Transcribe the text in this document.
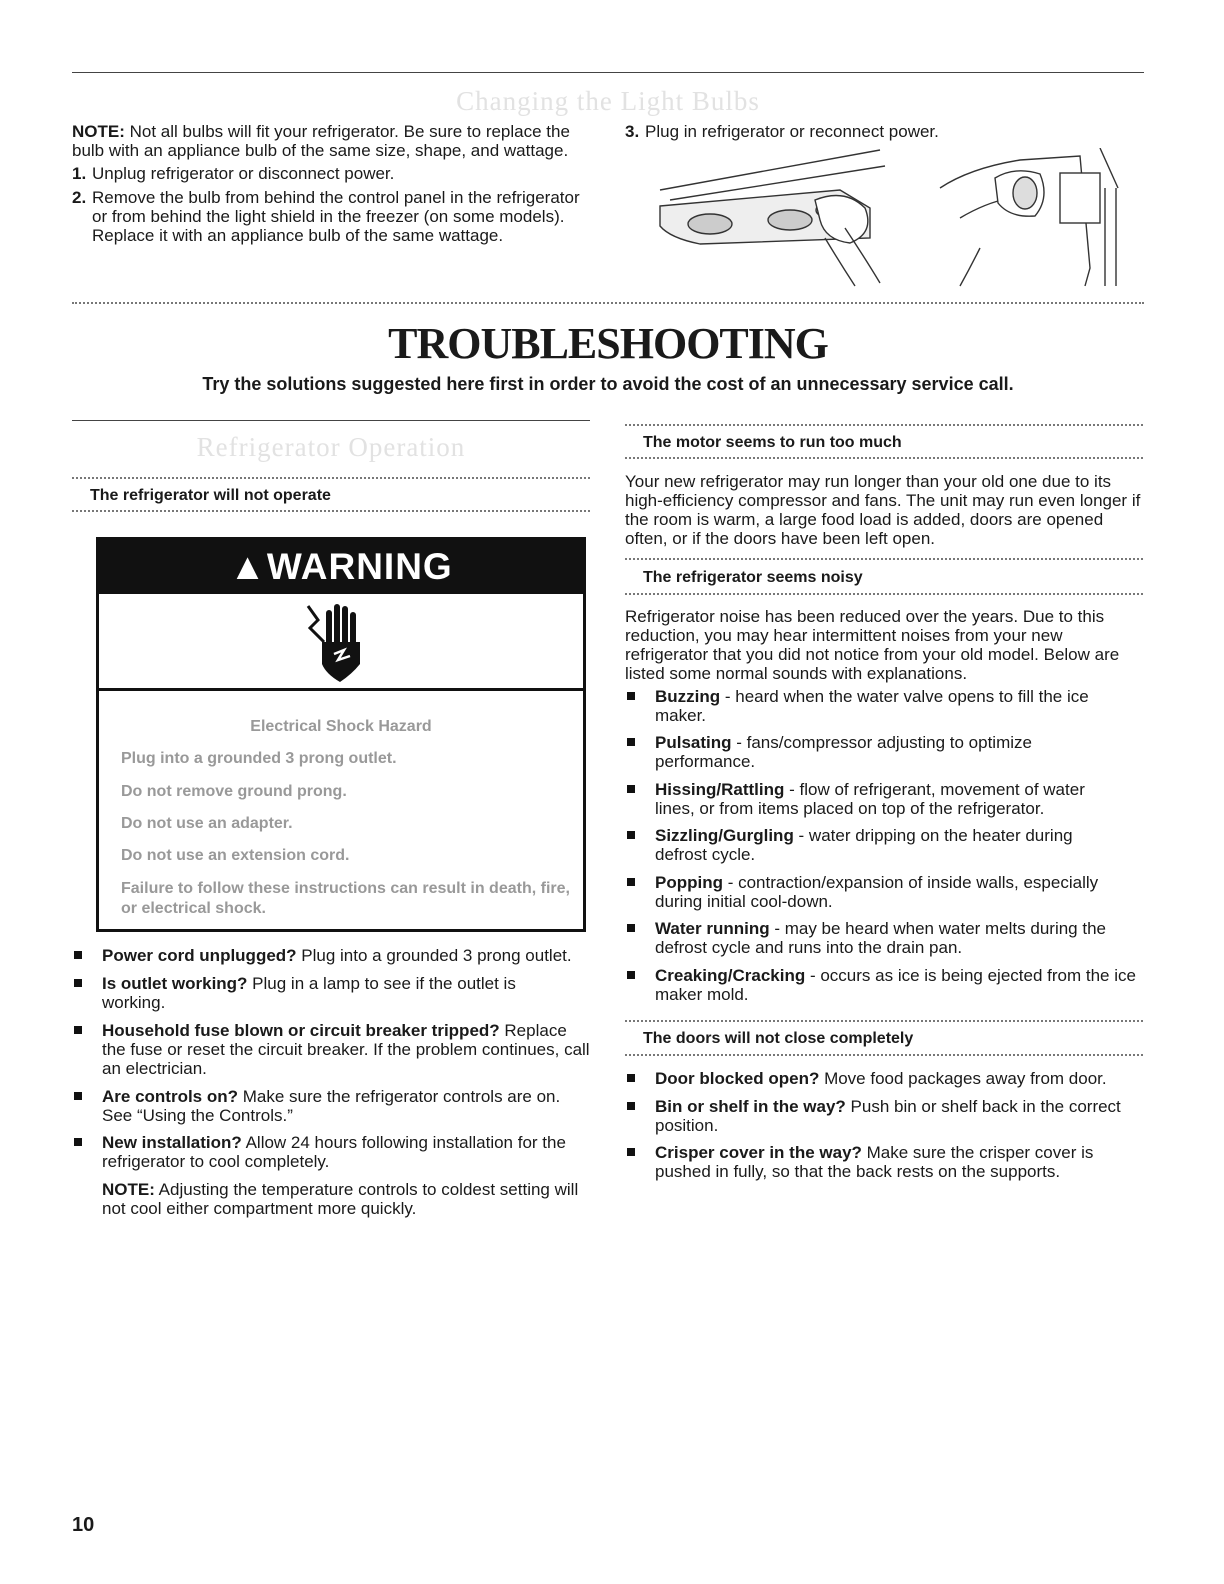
Changing the Light Bulbs
NOTE: Not all bulbs will fit your refrigerator. Be sure to replace the bulb with an appliance bulb of the same size, shape, and wattage.
1. Unplug refrigerator or disconnect power.
2. Remove the bulb from behind the control panel in the refrigerator or from behind the light shield in the freezer (on some models). Replace it with an appliance bulb of the same wattage.
3. Plug in refrigerator or reconnect power.
TROUBLESHOOTING
Try the solutions suggested here first in order to avoid the cost of an unnecessary service call.
Refrigerator Operation
The refrigerator will not operate
▲WARNING
Electrical Shock Hazard
Plug into a grounded 3 prong outlet.
Do not remove ground prong.
Do not use an adapter.
Do not use an extension cord.
Failure to follow these instructions can result in death, fire, or electrical shock.
Power cord unplugged? Plug into a grounded 3 prong outlet.
Is outlet working? Plug in a lamp to see if the outlet is working.
Household fuse blown or circuit breaker tripped? Replace the fuse or reset the circuit breaker. If the problem continues, call an electrician.
Are controls on? Make sure the refrigerator controls are on. See “Using the Controls.”
New installation? Allow 24 hours following installation for the refrigerator to cool completely.
NOTE: Adjusting the temperature controls to coldest setting will not cool either compartment more quickly.
The motor seems to run too much
Your new refrigerator may run longer than your old one due to its high-efficiency compressor and fans. The unit may run even longer if the room is warm, a large food load is added, doors are opened often, or if the doors have been left open.
The refrigerator seems noisy
Refrigerator noise has been reduced over the years. Due to this reduction, you may hear intermittent noises from your new refrigerator that you did not notice from your old model. Below are listed some normal sounds with explanations.
Buzzing - heard when the water valve opens to fill the ice maker.
Pulsating - fans/compressor adjusting to optimize performance.
Hissing/Rattling - flow of refrigerant, movement of water lines, or from items placed on top of the refrigerator.
Sizzling/Gurgling - water dripping on the heater during defrost cycle.
Popping - contraction/expansion of inside walls, especially during initial cool-down.
Water running - may be heard when water melts during the defrost cycle and runs into the drain pan.
Creaking/Cracking - occurs as ice is being ejected from the ice maker mold.
The doors will not close completely
Door blocked open? Move food packages away from door.
Bin or shelf in the way? Push bin or shelf back in the correct position.
Crisper cover in the way? Make sure the crisper cover is pushed in fully, so that the back rests on the supports.
10
